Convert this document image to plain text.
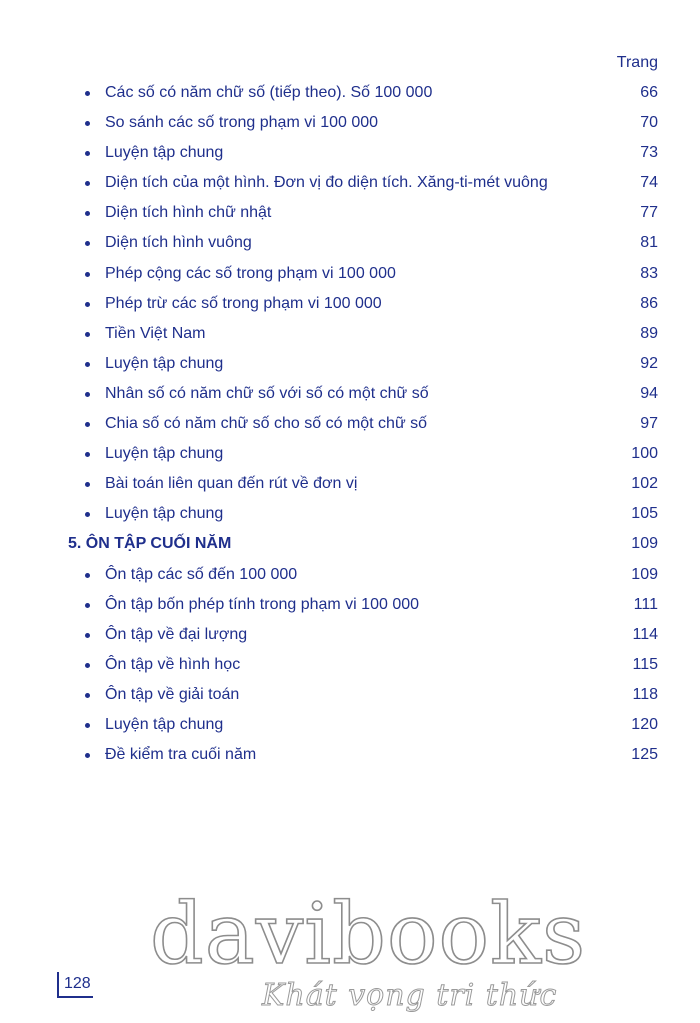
Trang
Các số có năm chữ số (tiếp theo). Số 100 000	66
So sánh các số trong phạm vi 100 000	70
Luyện tập chung	73
Diện tích của một hình. Đơn vị đo diện tích. Xăng-ti-mét vuông	74
Diện tích hình chữ nhật	77
Diện tích hình vuông	81
Phép cộng các số trong phạm vi 100 000	83
Phép trừ các số trong phạm vi 100 000	86
Tiền Việt Nam	89
Luyện tập chung	92
Nhân số có năm chữ số với số có một chữ số	94
Chia số có năm chữ số cho số có một chữ số	97
Luyện tập chung	100
Bài toán liên quan đến rút về đơn vị	102
Luyện tập chung	105
5. ÔN TẬP CUỐI NĂM	109
Ôn tập các số đến 100 000	109
Ôn tập bốn phép tính trong phạm vi 100 000	111
Ôn tập về đại lượng	114
Ôn tập về hình học	115
Ôn tập về giải toán	118
Luyện tập chung	120
Đề kiểm tra cuối năm	125
128
davibooks
Khát vọng tri thức
